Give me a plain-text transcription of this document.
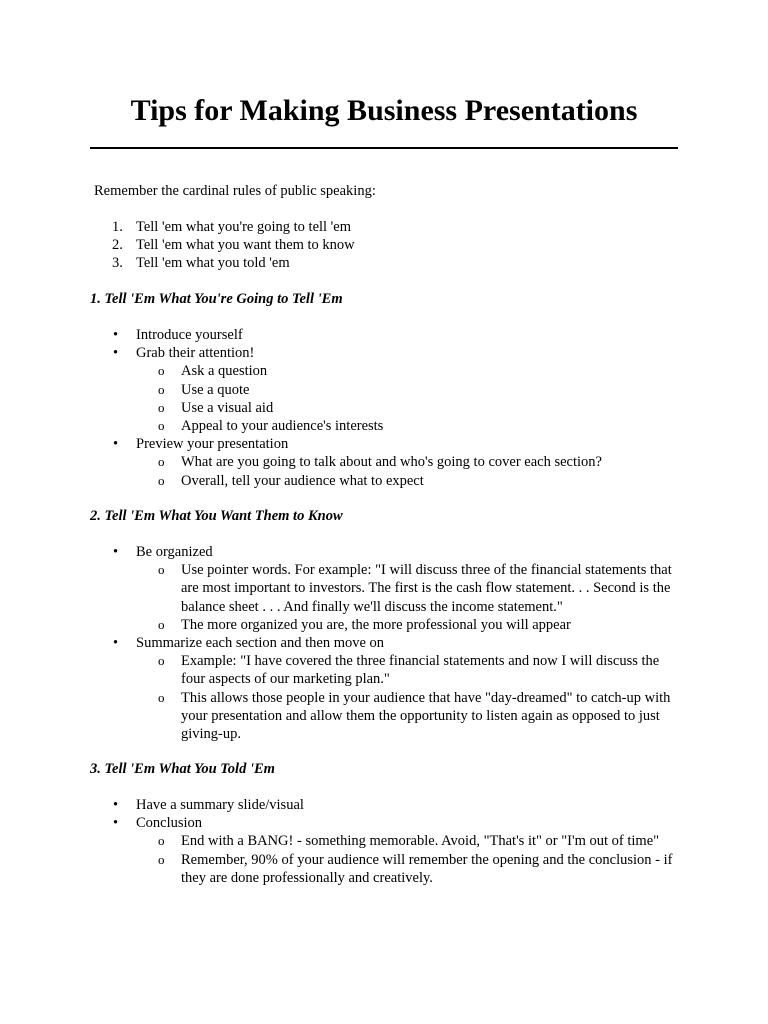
Tips for Making Business Presentations

Remember the cardinal rules of public speaking:

1. Tell 'em what you're going to tell 'em
2. Tell 'em what you want them to know
3. Tell 'em what you told 'em

1. Tell 'Em What You're Going to Tell 'Em

• Introduce yourself
• Grab their attention!
o Ask a question
o Use a quote
o Use a visual aid
o Appeal to your audience's interests
• Preview your presentation
o What are you going to talk about and who's going to cover each section?
o Overall, tell your audience what to expect

2. Tell 'Em What You Want Them to Know

• Be organized
o Use pointer words. For example: "I will discuss three of the financial statements that are most important to investors. The first is the cash flow statement. . . Second is the balance sheet . . . And finally we'll discuss the income statement."
o The more organized you are, the more professional you will appear
• Summarize each section and then move on
o Example: "I have covered the three financial statements and now I will discuss the four aspects of our marketing plan."
o This allows those people in your audience that have "day-dreamed" to catch-up with your presentation and allow them the opportunity to listen again as opposed to just giving-up.

3. Tell 'Em What You Told 'Em

• Have a summary slide/visual
• Conclusion
o End with a BANG! - something memorable. Avoid, "That's it" or "I'm out of time"
o Remember, 90% of your audience will remember the opening and the conclusion - if they are done professionally and creatively.
